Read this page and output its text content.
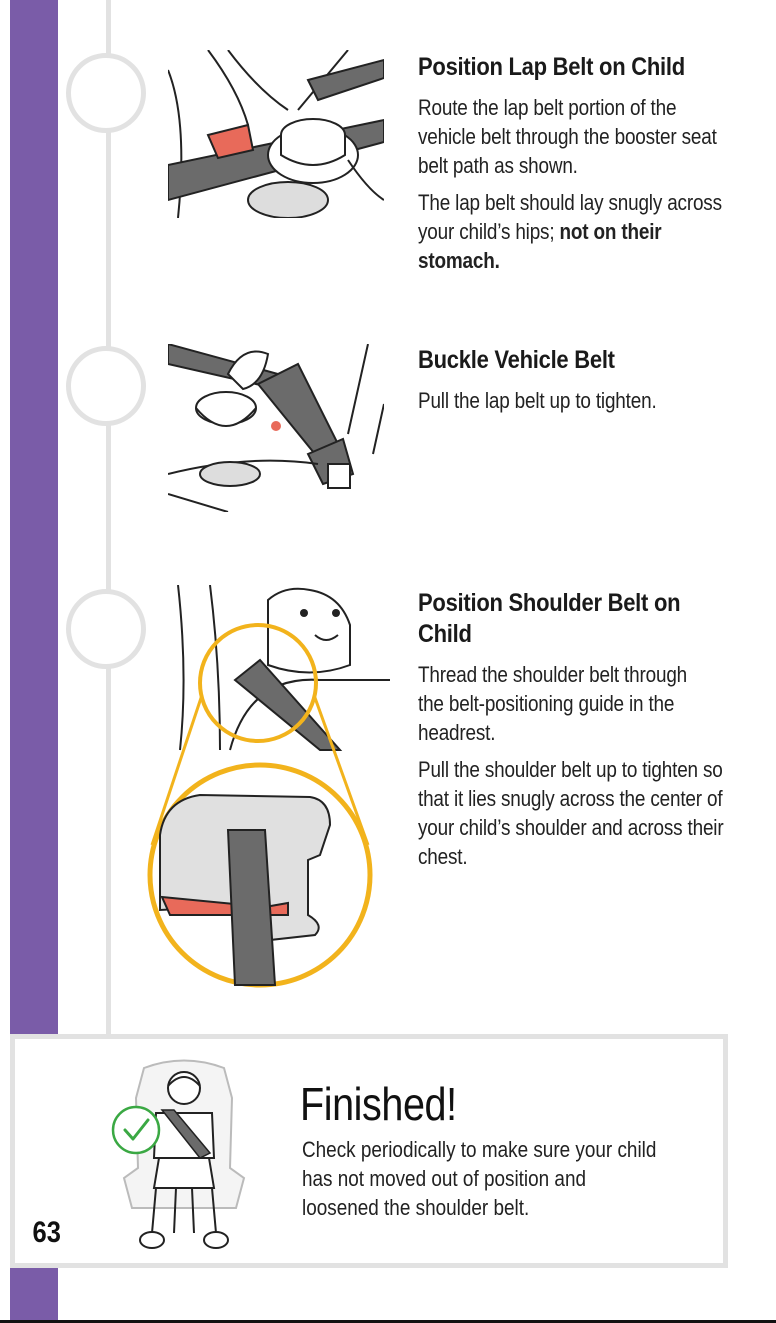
Position Lap Belt on Child

Route the lap belt portion of the vehicle belt through the booster seat belt path as shown.

The lap belt should lay snugly across your child’s hips; not on their stomach.

Buckle Vehicle Belt

Pull the lap belt up to tighten.

Position Shoulder Belt on Child

Thread the shoulder belt through the belt-positioning guide in the headrest.

Pull the shoulder belt up to tighten so that it lies snugly across the center of your child’s shoulder and across their chest.

Finished!

Check periodically to make sure your child has not moved out of position and loosened the shoulder belt.

63
